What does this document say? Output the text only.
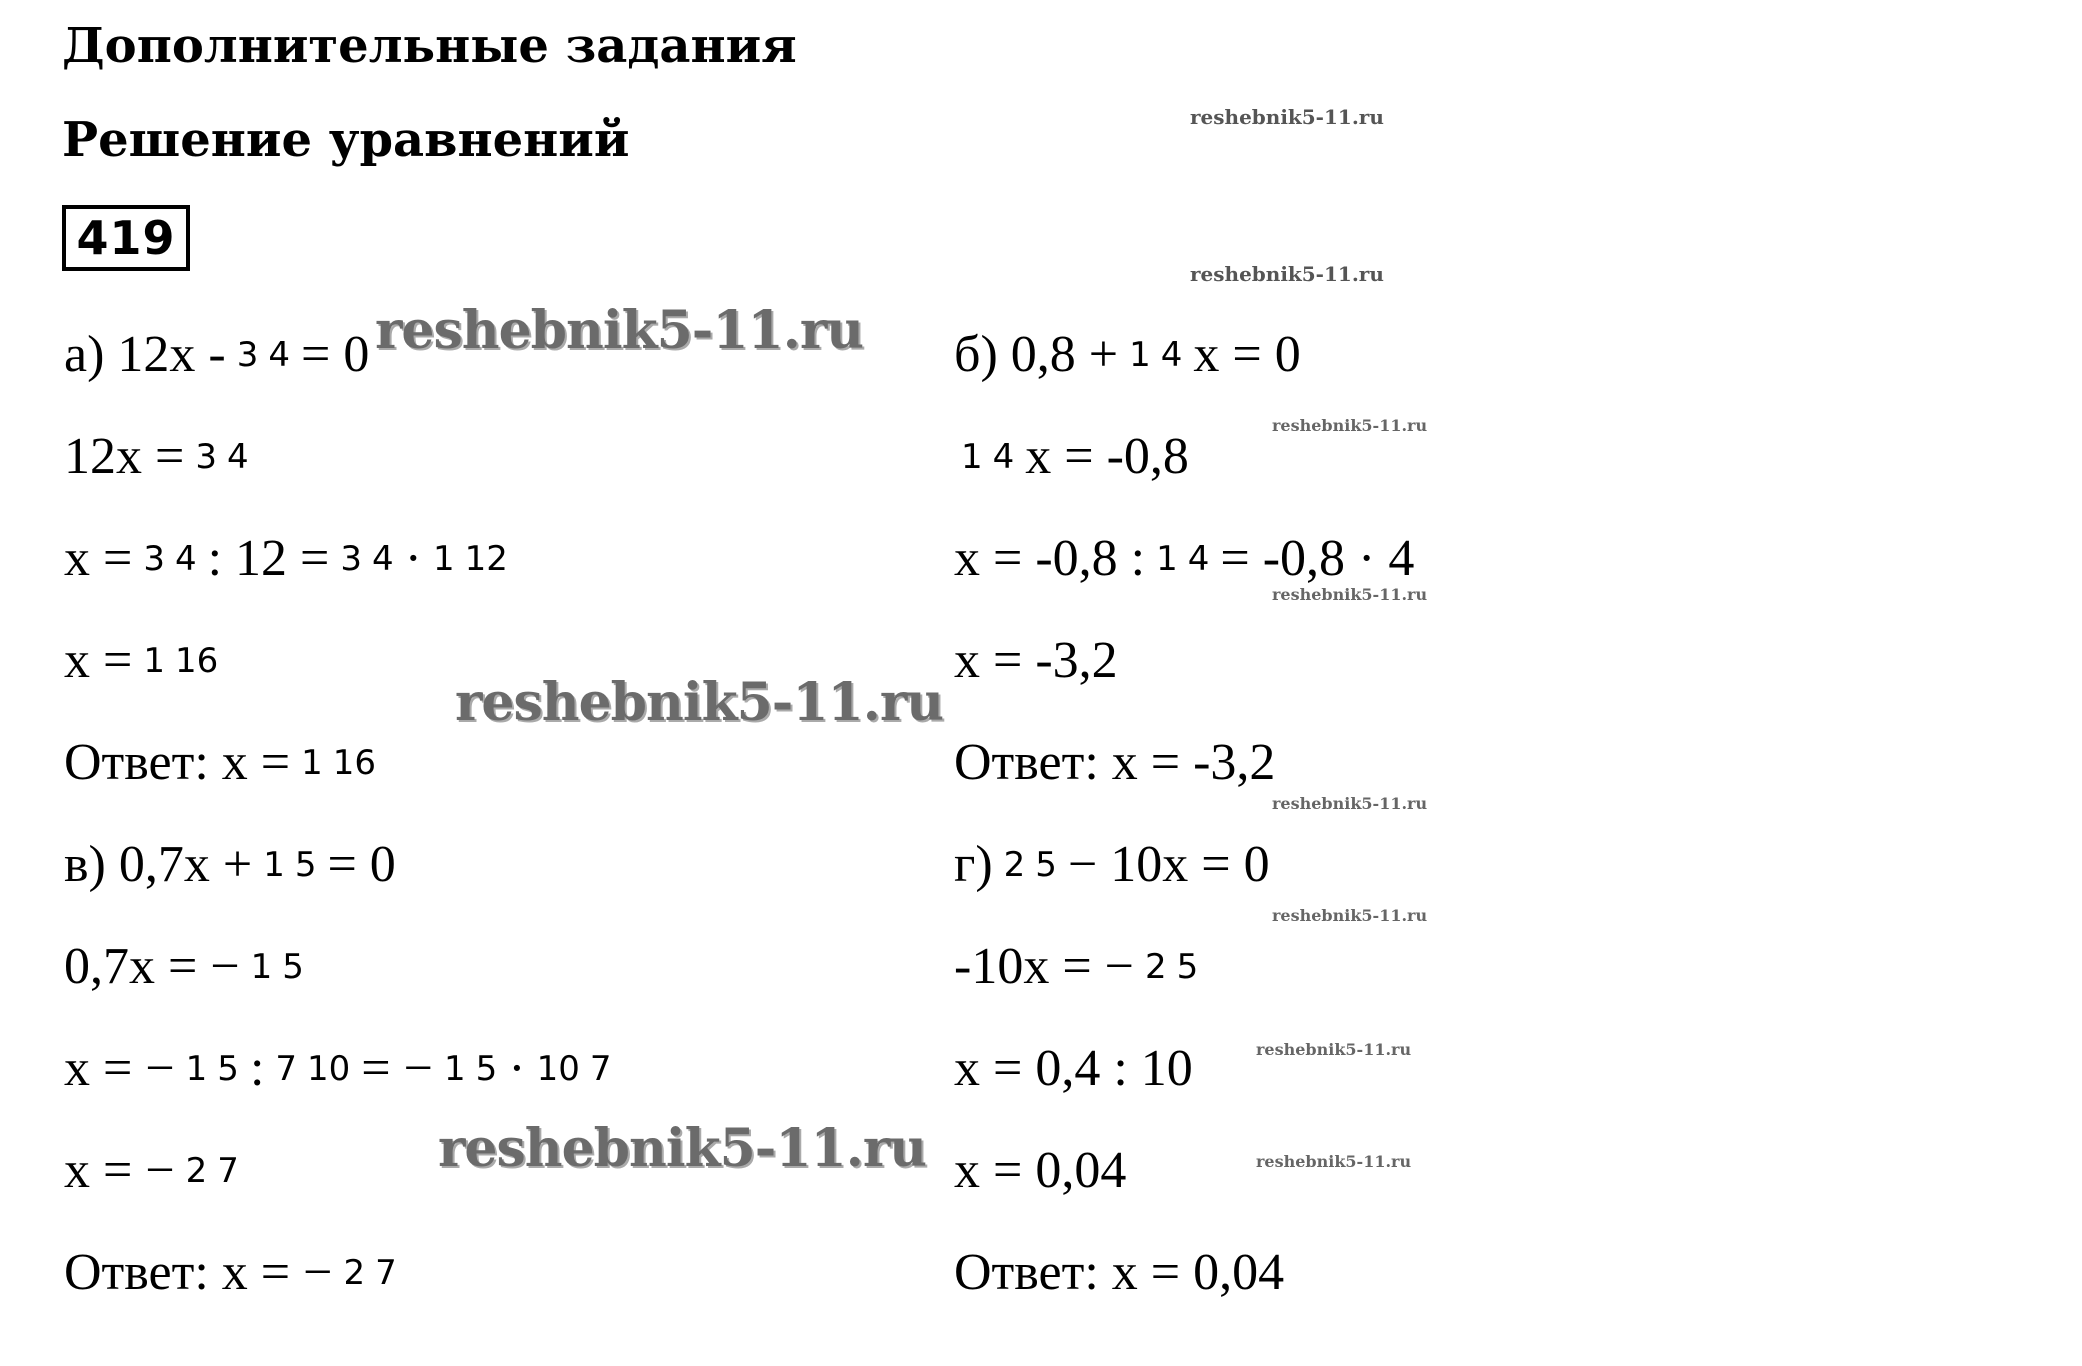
Дополнительные задания
Решение уравнений
419
reshebnik5-11.ru
reshebnik5-11.ru
reshebnik5-11.ru
reshebnik5-11.ru
reshebnik5-11.ru
reshebnik5-11.ru
reshebnik5-11.ru
reshebnik5-11.ru
а) 12x - 3 4 = 0
12x = 3 4
x = 3 4 : 12 = 3 4 · 1 12
x = 1 16
Ответ: x = 1 16
б) 0,8 + 1 4 x = 0
1 4 x = -0,8
x = -0,8 : 1 4 = -0,8 · 4
x = -3,2
Ответ: x = -3,2
в) 0,7x + 1 5 = 0
0,7x = − 1 5
x = − 1 5 : 7 10 = − 1 5 · 10 7
x = − 2 7
Ответ: x = − 2 7
г) 2 5 − 10x = 0
-10x = − 2 5
x = 0,4 : 10
x = 0,04
Ответ: x = 0,04
reshebnik5-11.ru
reshebnik5-11.ru
reshebnik5-11.ru
